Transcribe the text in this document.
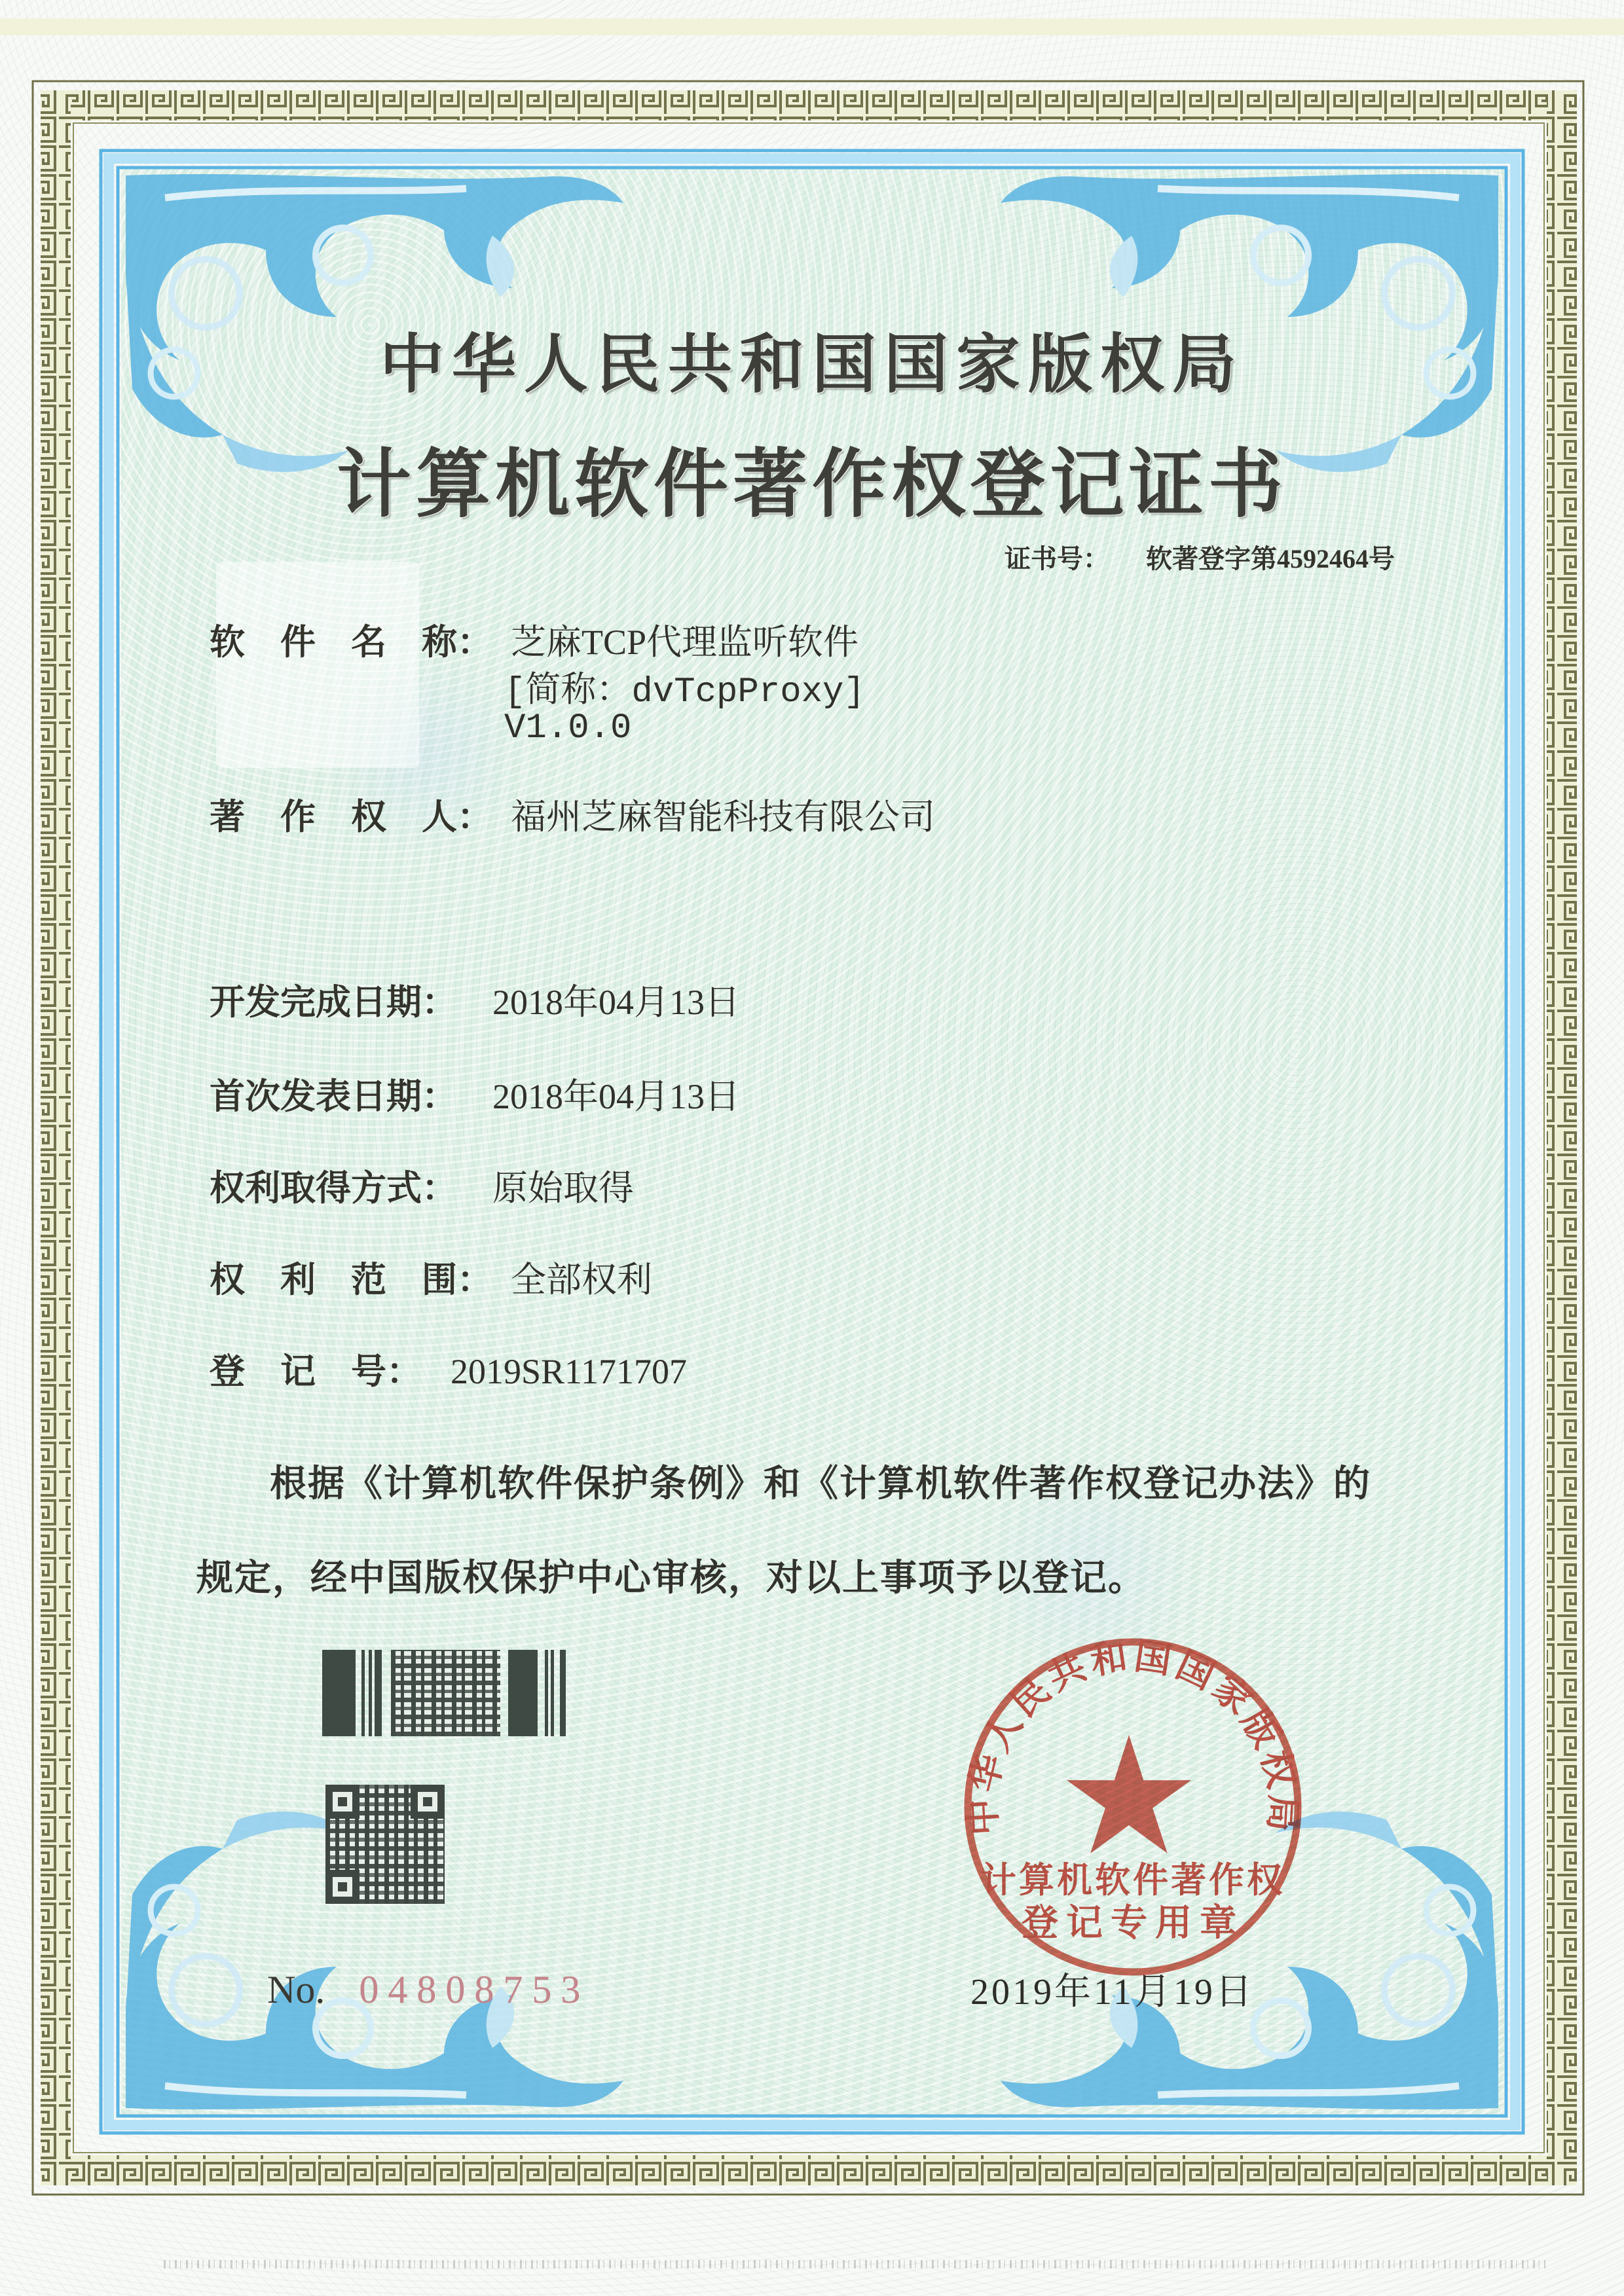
中华人民共和国国家版权局
计算机软件著作权登记证书
证书号： 软著登字第4592464号
软　件　名　称： 芝麻TCP代理监听软件
[简称：dvTcpProxy]
V1.0.0
著　作　权　人： 福州芝麻智能科技有限公司
开发完成日期： 2018年04月13日
首次发表日期： 2018年04月13日
权利取得方式： 原始取得
权　利　范　围： 全部权利
登　记　号： 2019SR1171707
根据《计算机软件保护条例》和《计算机软件著作权登记办法》的
规定，经中国版权保护中心审核，对以上事项予以登记。
No. 04808753	2019年11月19日
中华人民共和国国家版权局
计算机软件著作权
登记专用章
